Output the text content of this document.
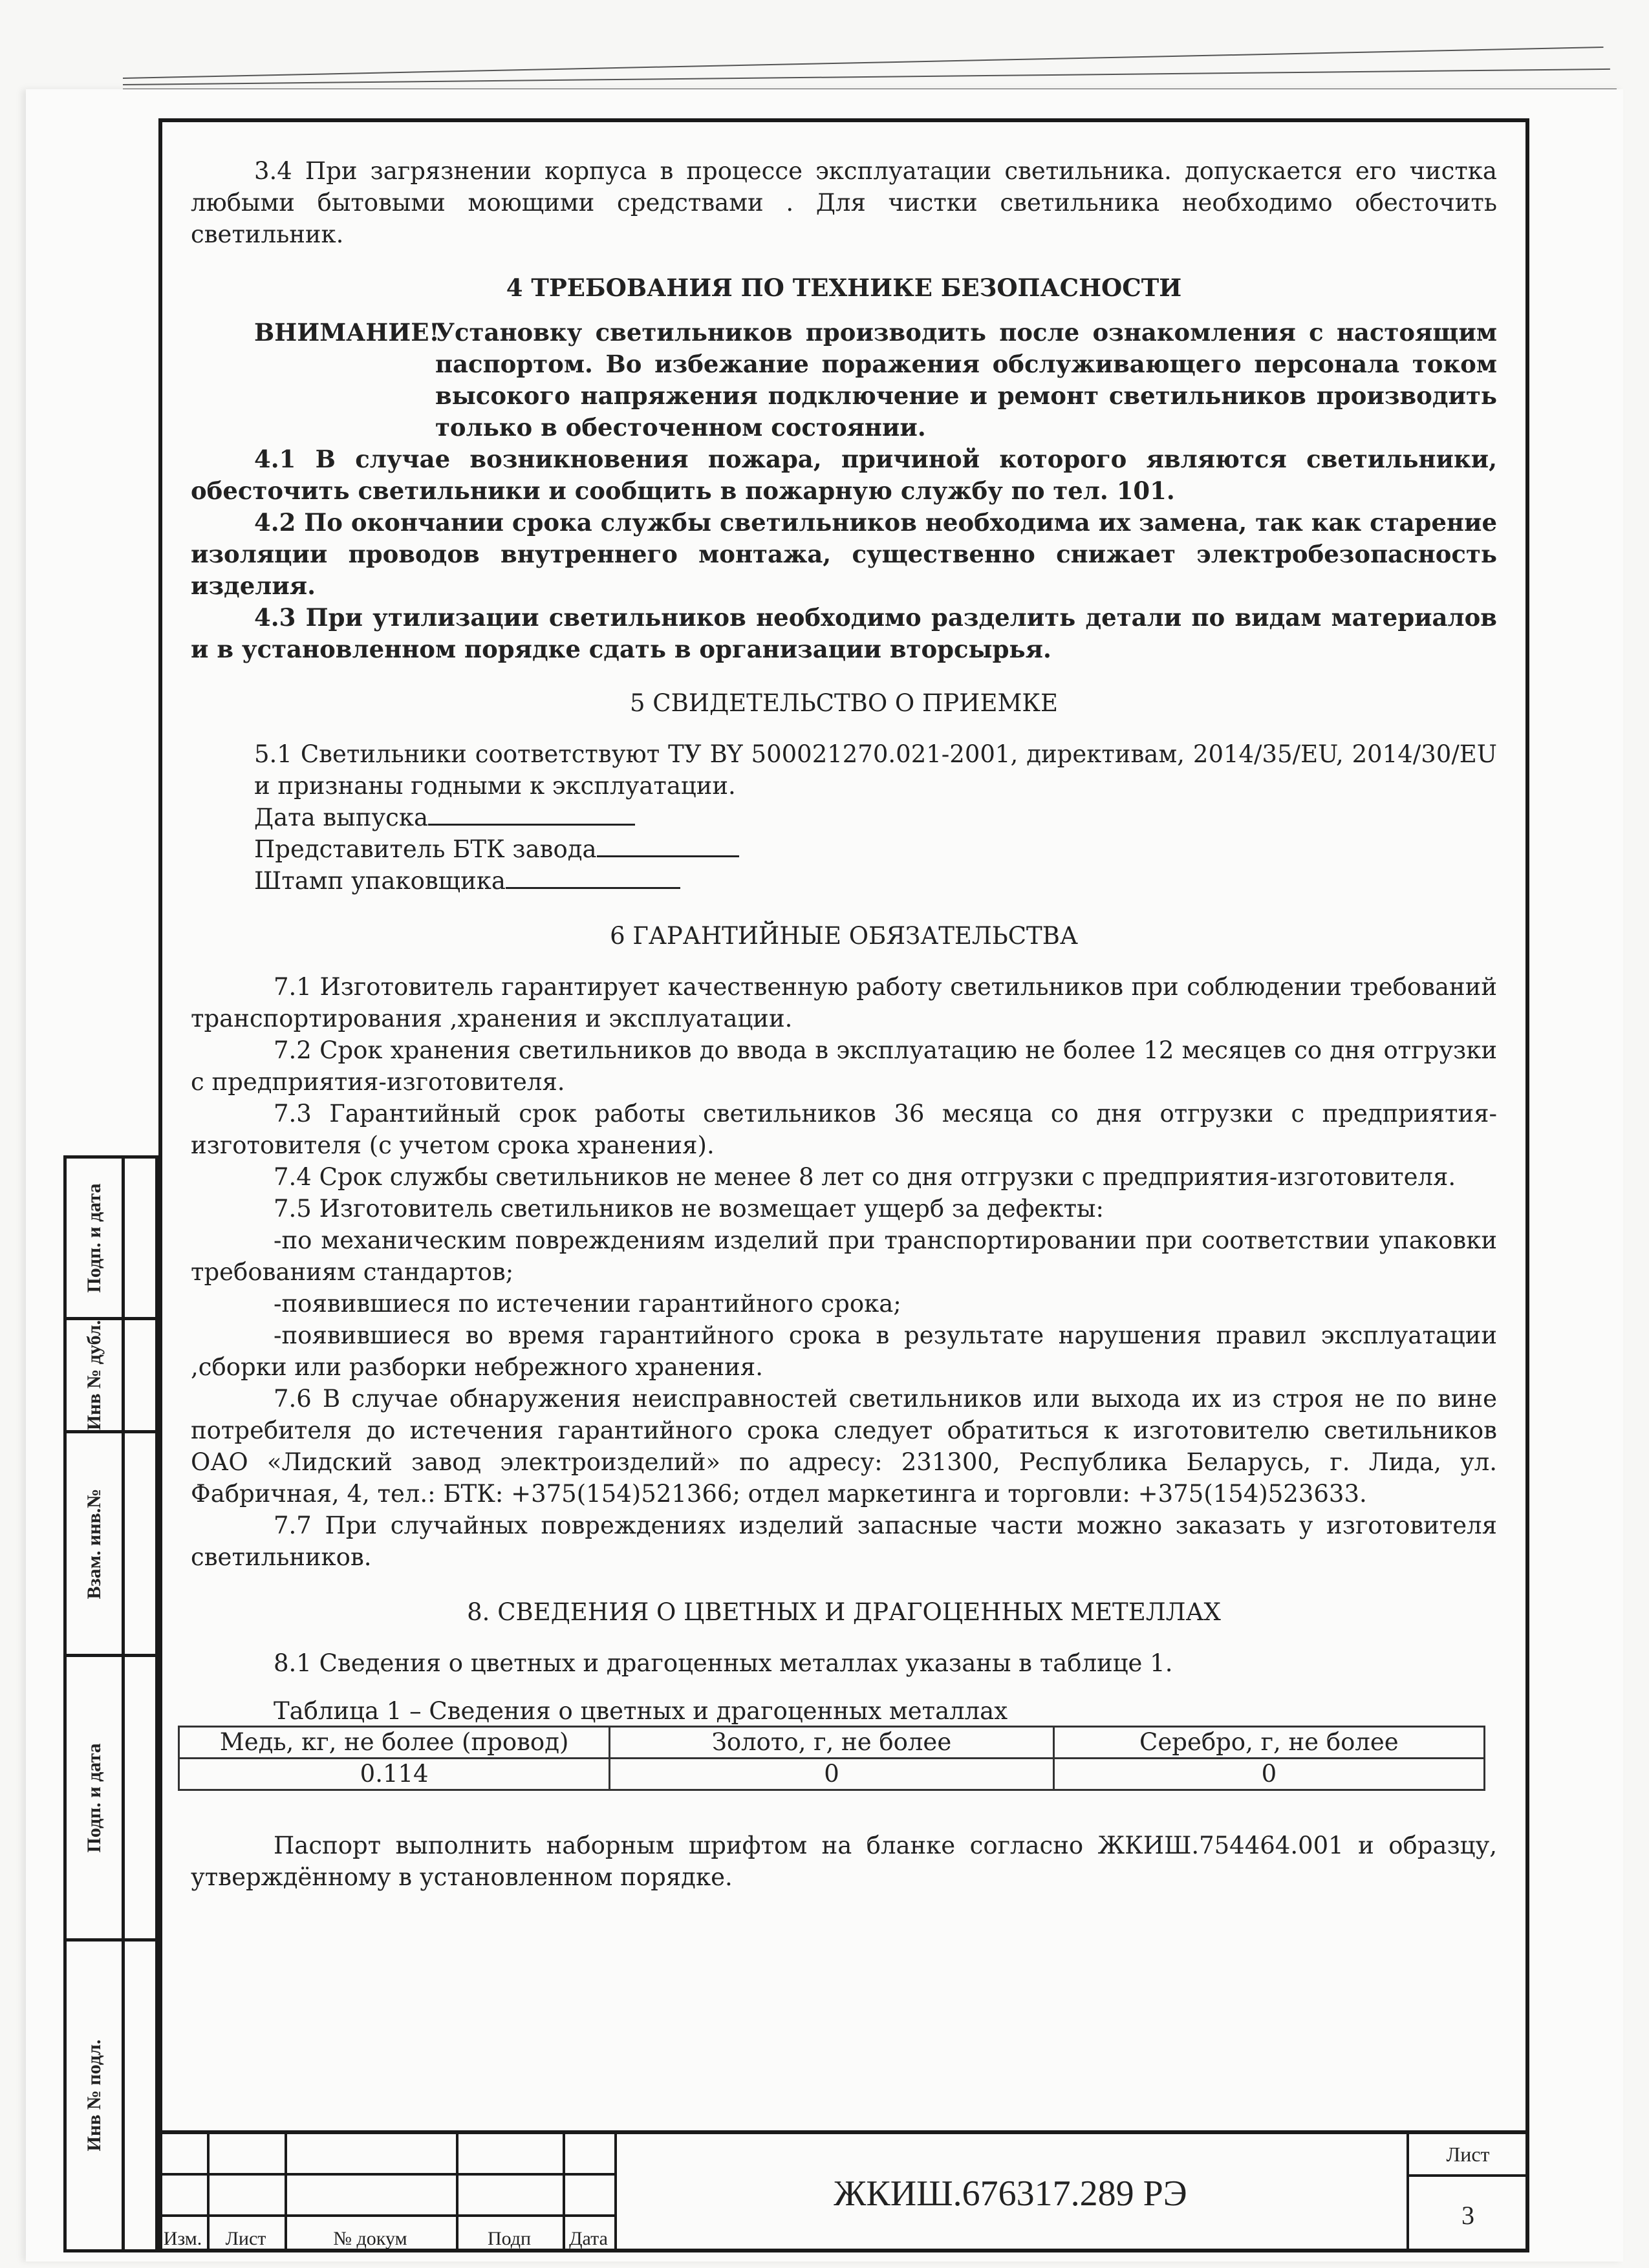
3.4 При загрязнении корпуса в процессе эксплуатации светильника. допускается его чистка любыми бытовыми моющими средствами . Для чистки светильника необходимо обесточить светильник.

4 ТРЕБОВАНИЯ ПО ТЕХНИКЕ БЕЗОПАСНОСТИ

ВНИМАНИЕ!
Установку светильников производить после ознакомления с настоящим паспортом. Во избежание поражения обслуживающего персонала током высокого напряжения подключение и ремонт светильников производить только в обесточенном состоянии.

4.1 В случае возникновения пожара, причиной которого являются светильники, обесточить светильники и сообщить в пожарную службу по тел. 101.

4.2 По окончании срока службы светильников необходима их замена, так как старение изоляции проводов внутреннего монтажа, существенно снижает электробезопасность изделия.

4.3 При утилизации светильников необходимо разделить детали по видам материалов и в установленном порядке сдать в организации вторсырья.

5 СВИДЕТЕЛЬСТВО О ПРИЕМКЕ

5.1 Светильники соответствуют ТУ BY 500021270.021-2001, директивам, 2014/35/EU, 2014/30/EU и признаны годными к эксплуатации.

Дата выпуска
Представитель БТК завода
Штамп упаковщика

6 ГАРАНТИЙНЫЕ ОБЯЗАТЕЛЬСТВА

7.1 Изготовитель гарантирует качественную работу светильников при соблюдении требований транспортирования ,хранения и эксплуатации.

7.2 Срок хранения светильников до ввода в эксплуатацию не более 12 месяцев со дня отгрузки с предприятия-изготовителя.

7.3 Гарантийный срок работы светильников 36 месяца со дня отгрузки с предприятия-изготовителя (с учетом срока хранения).

7.4 Срок службы светильников не менее 8 лет со дня отгрузки с предприятия-изготовителя.

7.5 Изготовитель светильников не возмещает ущерб за дефекты:

-по механическим повреждениям изделий при транспортировании при соответствии упаковки требованиям стандартов;

-появившиеся по истечении гарантийного срока;

-появившиеся во время гарантийного срока в результате нарушения правил эксплуатации ,сборки или разборки небрежного хранения.

7.6 В случае обнаружения неисправностей светильников или выхода их из строя не по вине потребителя до истечения гарантийного срока следует обратиться к изготовителю светильников ОАО «Лидский завод электроизделий» по адресу: 231300, Республика Беларусь, г. Лида, ул. Фабричная, 4, тел.: БТК: +375(154)521366; отдел маркетинга и торговли: +375(154)523633.

7.7 При случайных повреждениях изделий запасные части можно заказать у изготовителя светильников.

8. СВЕДЕНИЯ О ЦВЕТНЫХ И ДРАГОЦЕННЫХ МЕТЕЛЛАХ

8.1 Сведения о цветных и драгоценных металлах указаны в таблице 1.

Таблица 1 – Сведения о цветных и драгоценных металлах

Медь, кг, не более (провод)	Золото, г, не более	Серебро, г, не более
0.114	0	0

Паспорт выполнить наборным шрифтом на бланке согласно ЖКИШ.754464.001 и образцу, утверждённому в установленном порядке.

Подп. и дата
Инв № дубл.
Взам. инв.№
Подп. и дата
Инв № подл.
Изм.	Лист	№ докум	Подп	Дата
ЖКИШ.676317.289 РЭ
Лист
3
